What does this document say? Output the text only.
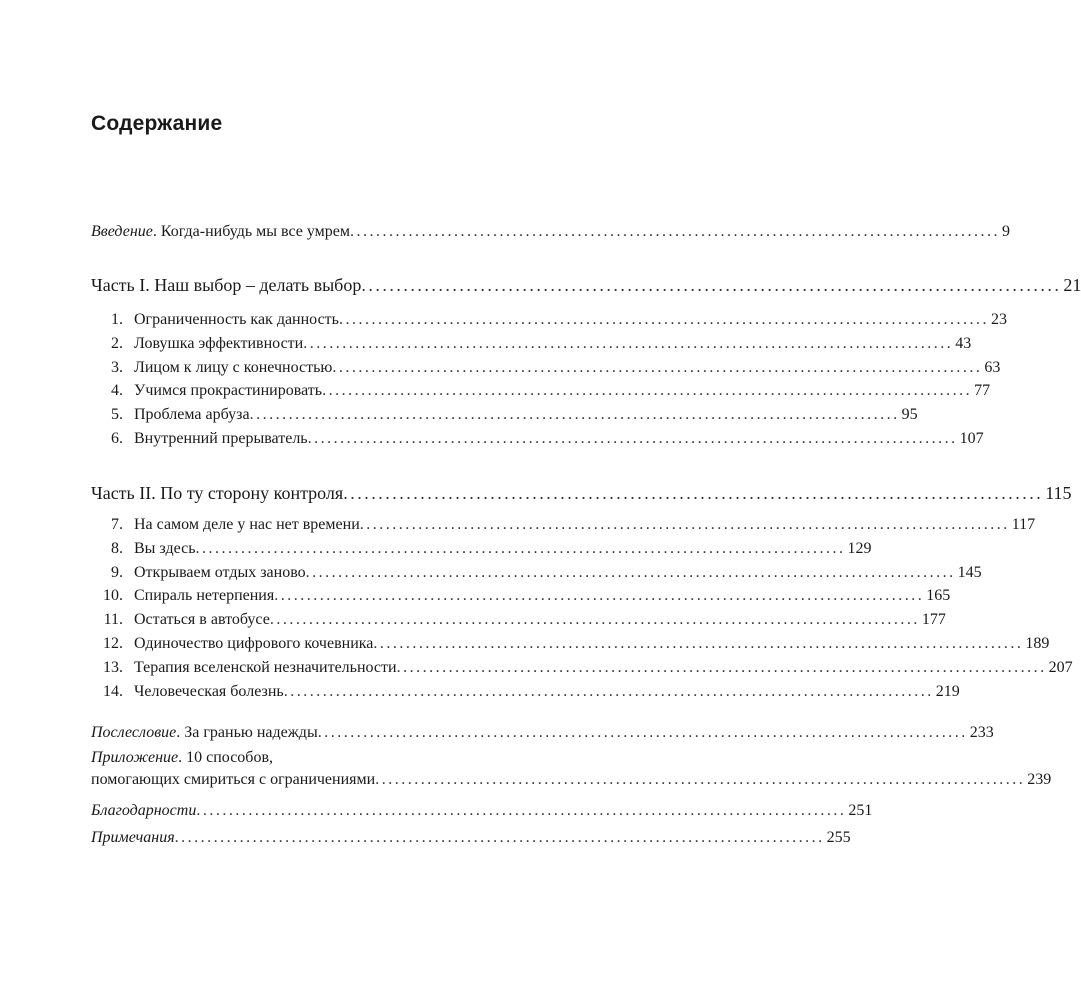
Содержание
Введение . Когда-нибудь мы все умрем .................................................................................................... 9
Часть I. Наш выбор – делать выбор .................................................................................................... 21
1. Ограниченность как данность .................................................................................................... 23
2. Ловушка эффективности .................................................................................................... 43
3. Лицом к лицу с конечностью .................................................................................................... 63
4. Учимся прокрастинировать .................................................................................................... 77
5. Проблема арбуза .................................................................................................... 95
6. Внутренний прерыватель .................................................................................................... 107
Часть II. По ту сторону контроля .................................................................................................... 115
7. На самом деле у нас нет времени .................................................................................................... 117
8. Вы здесь .................................................................................................... 129
9. Открываем отдых заново .................................................................................................... 145
10. Спираль нетерпения .................................................................................................... 165
11. Остаться в автобусе .................................................................................................... 177
12. Одиночество цифрового кочевника .................................................................................................... 189
13. Терапия вселенской незначительности .................................................................................................... 207
14. Человеческая болезнь .................................................................................................... 219
Послесловие . За гранью надежды .................................................................................................... 233
Приложение. 10 способов,
помогающих смириться с ограничениями .................................................................................................... 239
Благодарности .................................................................................................... 251
Примечания .................................................................................................... 255
